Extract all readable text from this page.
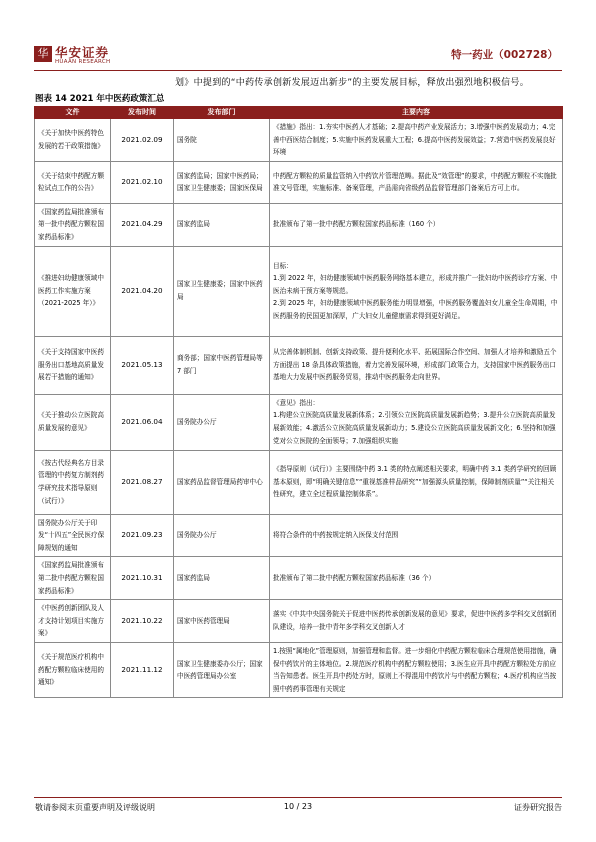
华 华安证券
HUAAN RESEARCH
特一药业（002728）
划》中提到的“中药传承创新发展迈出新步”的主要发展目标，释放出强烈地积极信号。
图表 14 2021 年中医药政策汇总
文件	发布时间	发布部门	主要内容
《关于加快中医药特色发展的若干政策措施》	2021.02.09	国务院	《措施》指出：1.夯实中医药人才基础；2.提高中药产业发展活力；3.增强中医药发展动力；4.完善中西医结合制度；5.实施中医药发展重大工程；6.提高中医药发展效益；7.营造中医药发展良好环境

《关于结束中药配方颗粒试点工作的公告》	2021.02.10	国家药监局；国家中医药局；国家卫生健康委；国家医保局	中药配方颗粒的质量监管纳入中药饮片管理范畴。据此及“效管理”的要求，中药配方颗粒不实施批准文号管理，实施标准、备案管理，产品需向省级药品监督管理部门备案后方可上市。

《国家药监局批准颁布第一批中药配方颗粒国家药品标准》	2021.04.29	国家药监局	批准颁布了第一批中药配方颗粒国家药品标准（160 个）

《推进妇幼健康领域中医药工作实施方案（2021-2025 年）》	2021.04.20	国家卫生健康委；国家中医药局	目标：
1.到 2022 年，妇幼健康领域中医药服务网络基本建立，形成并推广一批妇幼中医药诊疗方案、中医治未病干预方案等规范。
2.到 2025 年，妇幼健康领域中医药服务能力明显增强，中医药服务覆盖妇女儿童全生命周期，中医药服务的民国更加深厚，广大妇女儿童健康需求得到更好满足。

《关于支持国家中医药服务出口基地高质量发展若干措施的通知》	2021.05.13	商务部；国家中医药管理局等 7 部门	从完善体制机制、创新支持政策、提升便利化水平、拓展国际合作空间、加强人才培养和激励五个方面提出 18 条具体政策措施，着力完善发展环境，形成部门政策合力，支持国家中医药服务出口基地大力发展中医药服务贸易，推动中医药服务走向世界。

《关于推动公立医院高质量发展的意见》	2021.06.04	国务院办公厅	《意见》指出：
1.构建公立医院高质量发展新体系；2.引领公立医院高质量发展新趋势；3.提升公立医院高质量发展新效能；4.激活公立医院高质量发展新动力；5.建设公立医院高质量发展新文化；6.坚持和加强党对公立医院的全面领导；7.加强组织实施

《按古代经典名方目录管理的中药复方制剂药学研究技术指导原则（试行）》	2021.08.27	国家药品监督管理局药审中心	《指导原则（试行）》主要围绕中药 3.1 类的特点阐述相关要求，明确中药 3.1 类药学研究的回顾基本原则，即“明确关键信息”“重视基准样品研究”“加强源头质量控制，保障制剂质量”“关注相关性研究，建立全过程质量控制体系”。

国务院办公厅关于印发“十四五”全民医疗保障规划的通知	2021.09.23	国务院办公厅	将符合条件的中药按规定纳入医保支付范围

《国家药监局批准颁布第二批中药配方颗粒国家药品标准》	2021.10.31	国家药监局	批准颁布了第二批中药配方颗粒国家药品标准（36 个）

《中医药创新团队及人才支持计划项目实施方案》	2021.10.22	国家中医药管理局	落实《中共中央国务院关于促进中医药传承创新发展的意见》要求，促进中医药多学科交叉创新团队建设，培养一批中青年多学科交叉创新人才

《关于规范医疗机构中药配方颗粒临床使用的通知》	2021.11.12	国家卫生健康委办公厅；国家中医药管理局办公室	1.按照“属地化”管理原则，加强管理和监督。进一步细化中药配方颗粒临床合理规范使用措施，确保中药饮片的主体地位。2.规范医疗机构中药配方颗粒使用；3.医生应开具中药配方颗粒处方前应当告知患者。医生开具中药处方时，原则上不得混用中药饮片与中药配方颗粒；4.医疗机构应当按照中药药事管理有关规定
敬请参阅末页重要声明及评级说明	10 / 23	证券研究报告
